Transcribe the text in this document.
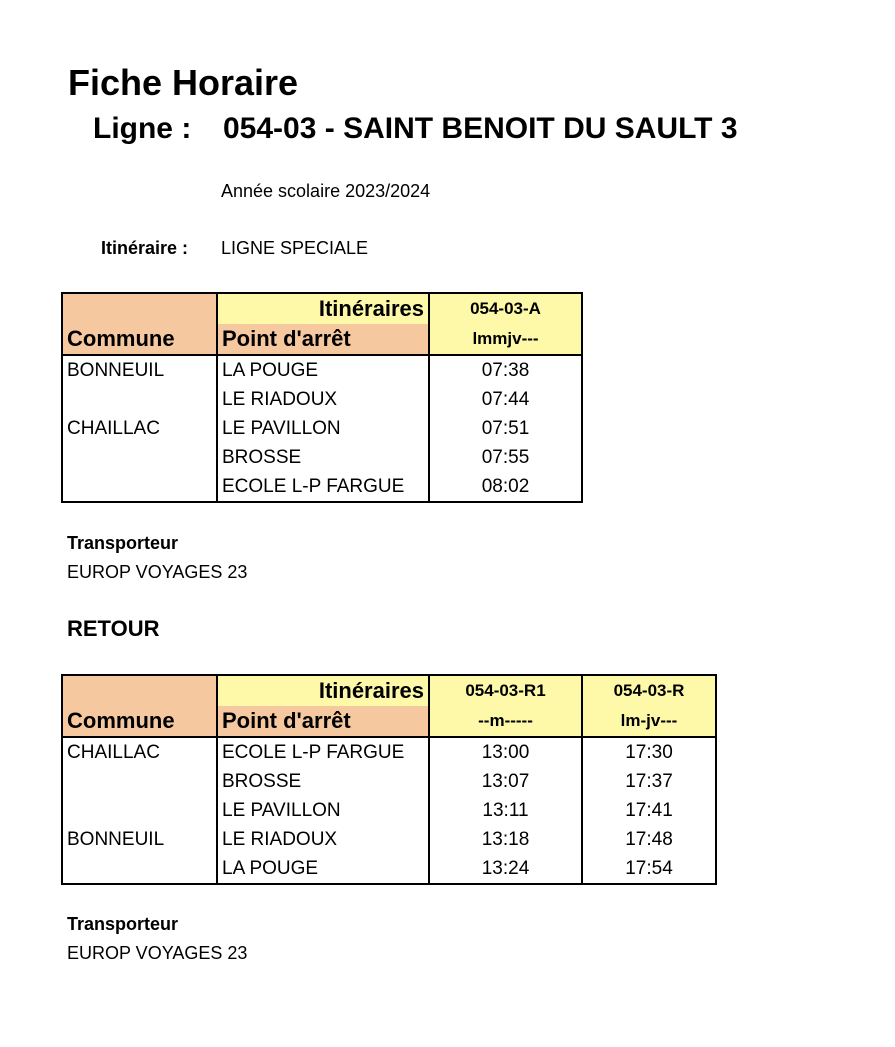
Fiche Horaire
Ligne : 054-03 - SAINT BENOIT DU SAULT 3
Année scolaire 2023/2024
Itinéraire : LIGNE SPECIALE
	Itinéraires	054-03-A
Commune	Point d'arrêt	lmmjv---
BONNEUIL	LA POUGE	07:38
	LE RIADOUX	07:44
CHAILLAC	LE PAVILLON	07:51
	BROSSE	07:55
	ECOLE L-P FARGUE	08:02
Transporteur
EUROP VOYAGES 23
RETOUR
	Itinéraires	054-03-R1	054-03-R
Commune	Point d'arrêt	--m-----	lm-jv---
CHAILLAC	ECOLE L-P FARGUE	13:00	17:30
	BROSSE	13:07	17:37
	LE PAVILLON	13:11	17:41
BONNEUIL	LE RIADOUX	13:18	17:48
	LA POUGE	13:24	17:54
Transporteur
EUROP VOYAGES 23
